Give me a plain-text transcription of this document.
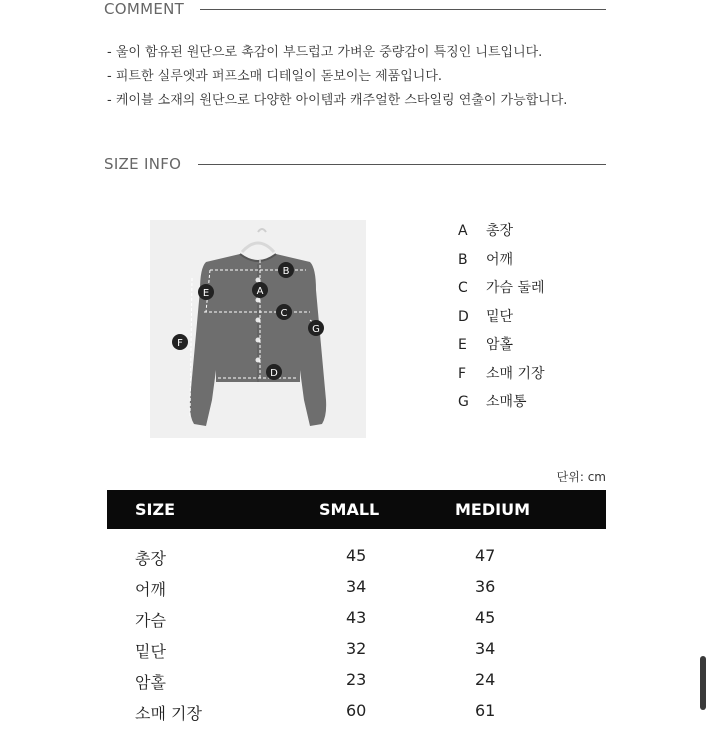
COMMENT
- 울이 함유된 원단으로 촉감이 부드럽고 가벼운 중량감이 특징인 니트입니다.
- 피트한 실루엣과 퍼프소매 디테일이 돋보이는 제품입니다.
- 케이블 소재의 원단으로 다양한 아이템과 캐주얼한 스타일링 연출이 가능합니다.
SIZE INFO
A
B
C
D
E
F
G
A 총장
B 어깨
C 가슴 둘레
D 밑단
E 암홀
F 소매 기장
G 소매통
단위: cm
SIZE	SMALL	MEDIUM
총장	45	47
어깨	34	36
가슴	43	45
밑단	32	34
암홀	23	24
소매 기장	60	61
